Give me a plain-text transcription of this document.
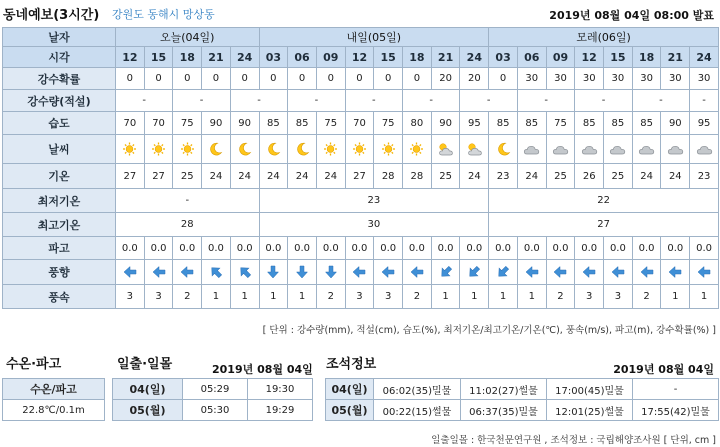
동네예보(3시간) 강원도 동해시 망상동	2019년 08월 04일 08:00 발표
날자	오늘(04일)					내일(05일)								모레(06일)							
시각	12	15	18	21	24	03	06	09	12	15	18	21	24	03	06	09	12	15	18	21	24
강수확률	0	0	0	0	0	0	0	0	0	0	0	20	20	0	30	30	30	30	30	30	30
강수량(적설)	-		-		-		-		-		-		-		-		-		-		-
습도	70	70	75	90	90	85	85	75	70	75	80	90	95	85	85	75	85	85	85	90	95
날씨																					
기온	27	27	25	24	24	24	24	24	27	28	28	25	24	23	24	25	26	25	24	24	23
최저기온	-					23								22							
최고기온	28					30								27							
파고	0.0	0.0	0.0	0.0	0.0	0.0	0.0	0.0	0.0	0.0	0.0	0.0	0.0	0.0	0.0	0.0	0.0	0.0	0.0	0.0	0.0
풍향																					
풍속	3	3	2	1	1	1	1	2	3	3	2	1	1	1	1	2	3	3	2	1	1
[ 단위 : 강수량(mm), 적설(cm), 습도(%), 최저기온/최고기온/기온(℃), 풍속(m/s), 파고(m), 강수확률(%) ]
수온·파고
수온/파고
22.8℃/0.1m
일출·일몰	2019년 08월 04일
04(일)	05:29	19:30
05(월)	05:30	19:29
조석정보	2019년 08월 04일
04(일)	06:02(35)밀물	11:02(27)썰물	17:00(45)밀물	-
05(월)	00:22(15)썰물	06:37(35)밀물	12:01(25)썰물	17:55(42)밀물
일출일몰 : 한국천문연구원 , 조석정보 : 국립해양조사원 [ 단위, cm ]
